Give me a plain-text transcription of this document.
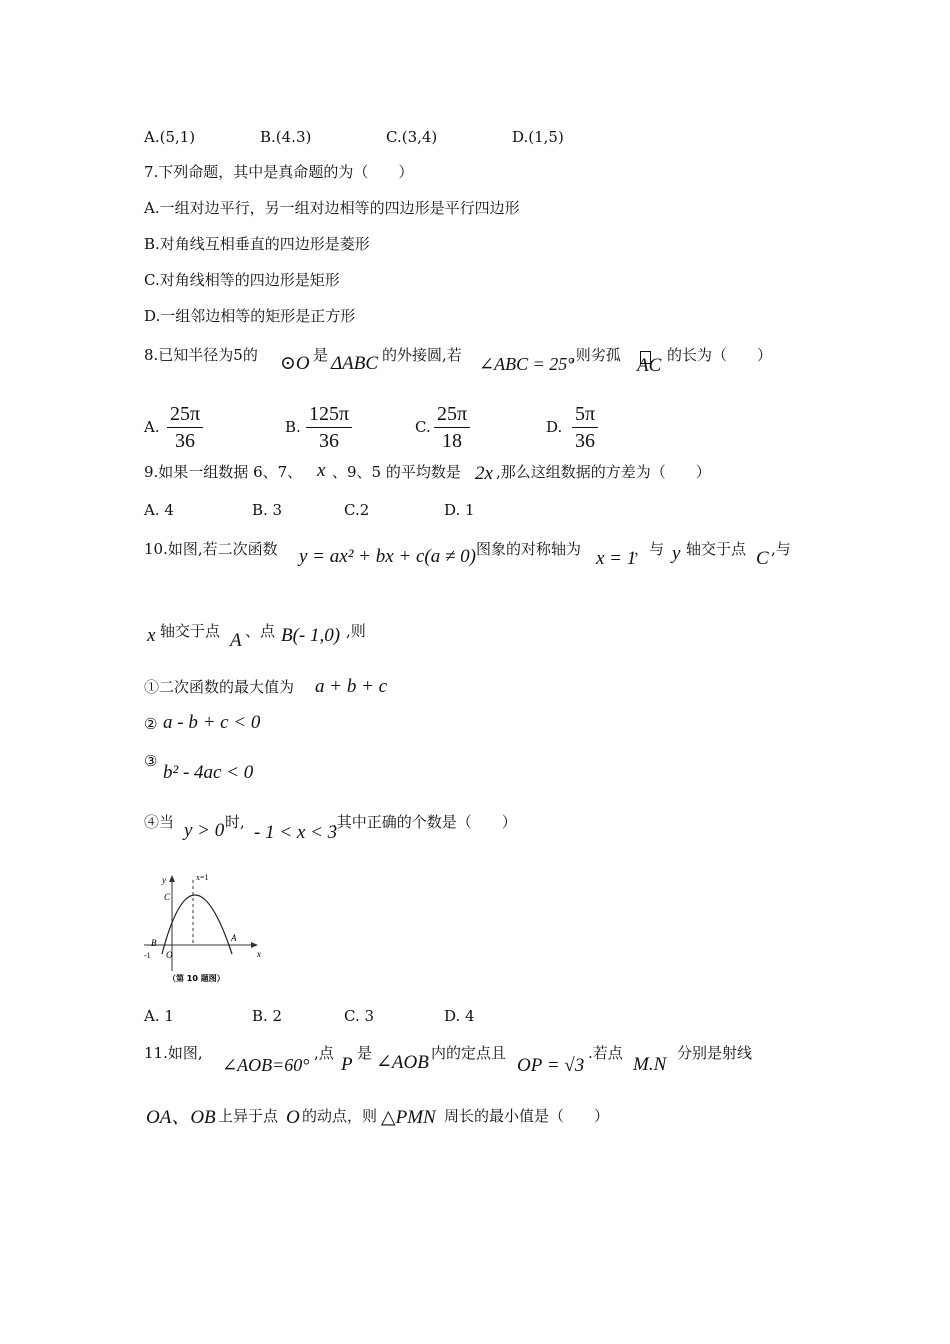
A.(5,1)	B.(4.3)	C.(3,4)	D.(1,5)
7.下列命题，其中是真命题的为（　　）
A.一组对边平行，另一组对边相等的四边形是平行四边形
B.对角线互相垂直的四边形是菱形
C.对角线相等的四边形是矩形
D.一组邻边相等的矩形是正方形
8.已知半径为5的 ⊙O 是 ΔABC 的外接圆,若 ∠ABC = 25°
,则劣孤 AC 的长为（　　）
A. $\frac{25\pi}{36}$	B. $\frac{125\pi}{36}$	C. $\frac{25\pi}{18}$	D. $\frac{5\pi}{36}$
9.如果一组数据 6、7、 x 、9、5 的平均数是 2x ,那么这组数据的方差为（　　）
A. 4	B. 3	C.2	D. 1
10.如图,若二次函数 y = ax² + bx + c(a ≠ 0) 图象的对称轴为 x = 1
，与 y 轴交于点 C ,与
x 轴交于点 A 、点 B(- 1,0) ,则
①二次函数的最大值为 a + b + c
② a - b + c < 0
③
b² - 4ac < 0
④当 y > 0 时, - 1 < x < 3
.其中正确的个数是（　　）
y
x
x=1
C
B	A
O
-1
（第 10 题图）
A. 1	B. 2	C. 3	D. 4
11.如图,
∠AOB=60°
,点
P
是 ∠AOB 内的定点且
OP = √3
.若点
M.N
分别是射线
OA、OB 上异于点 O 的动点，则 △PMN 周长的最小值是（　　）
